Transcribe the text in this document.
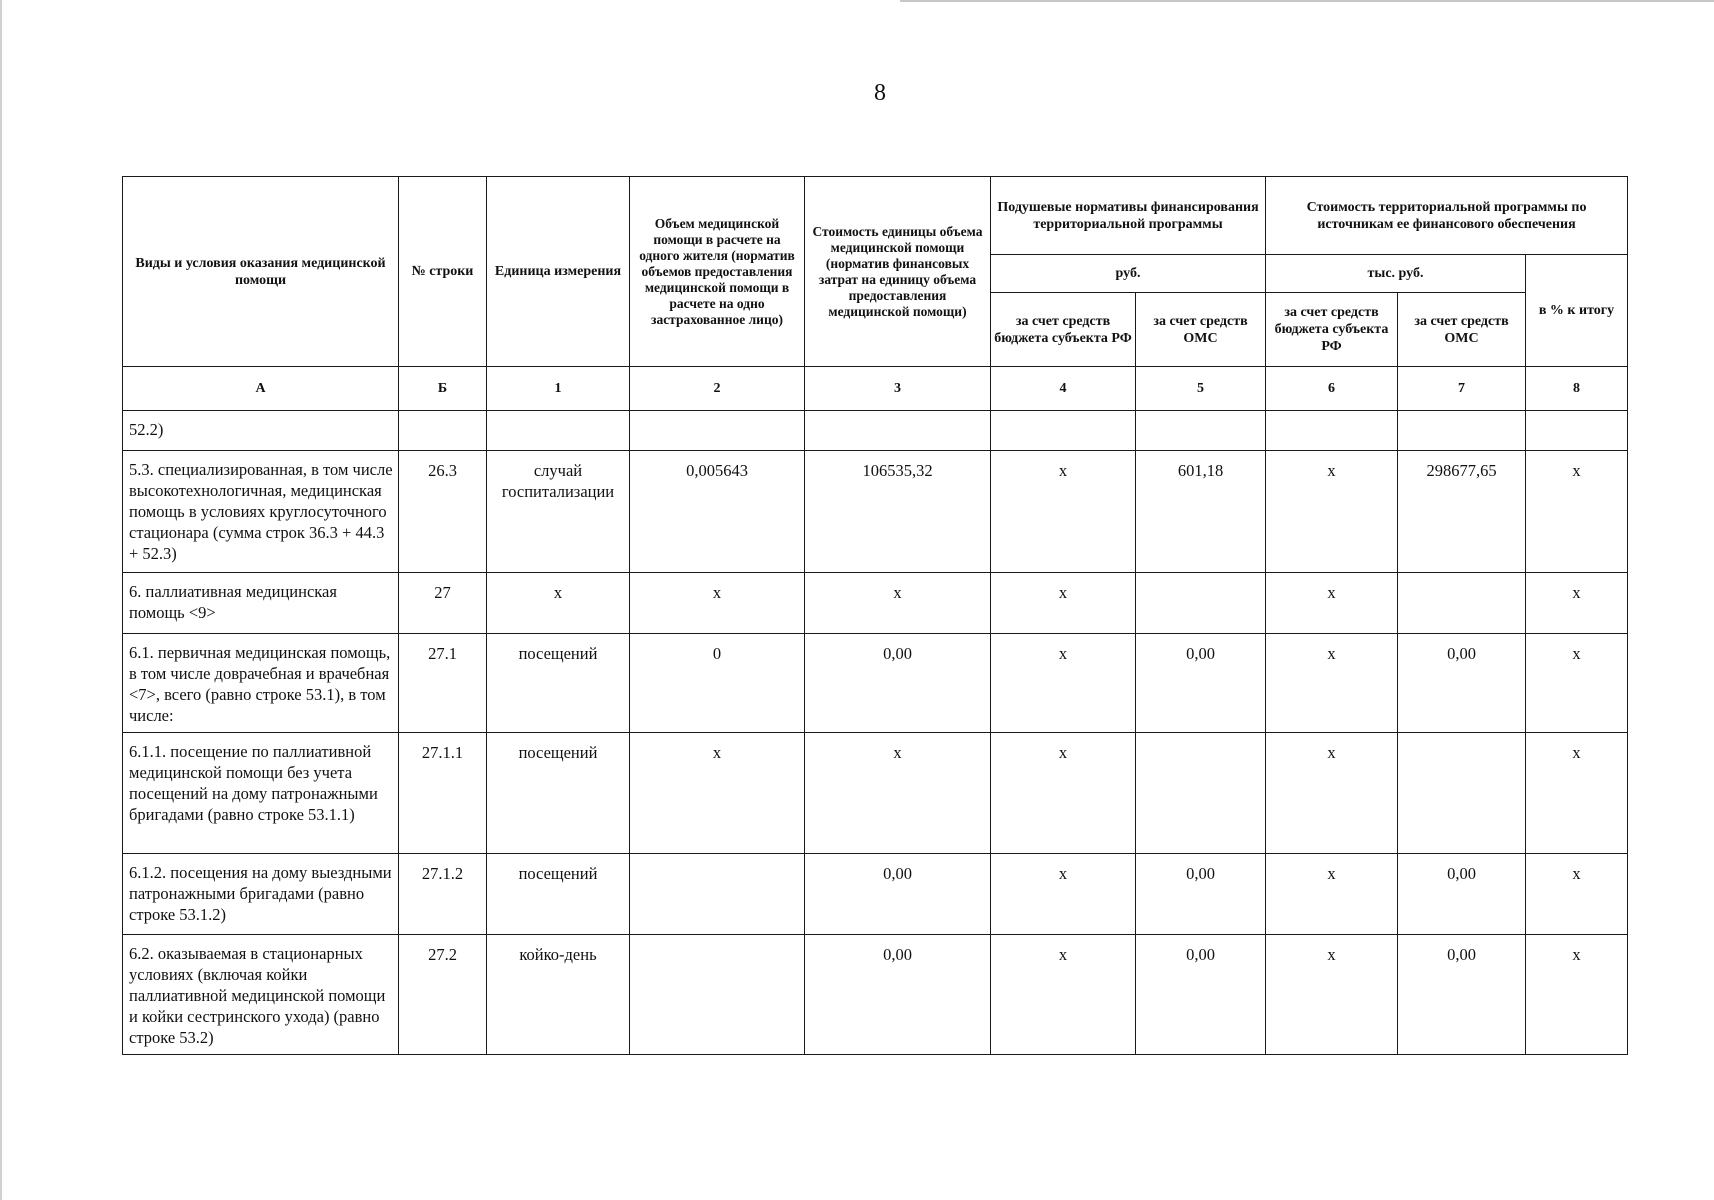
8
Виды и условия оказания медицинской помощи	№ строки	Единица измерения	Объем медицинской помощи в расчете на одного жителя (норматив объемов предоставления медицинской помощи в расчете на одно застрахованное лицо)	Стоимость единицы объема медицинской помощи (норматив финансовых затрат на единицу объема предоставления медицинской помощи)	Подушевые нормативы финансирования территориальной программы		Стоимость территориальной программы по источникам ее финансового обеспечения		
					руб.		тыс. руб.		в % к итогу
					за счет средств бюджета субъекта РФ	за счет средств ОМС	за счет средств бюджета субъекта РФ	за счет средств ОМС	
А	Б	1	2	3	4	5	6	7	8
52.2)									
5.3. специализированная, в том числе высокотехнологичная, медицинская помощь в условиях круглосуточного стационара (сумма строк 36.3 + 44.3 + 52.3)	26.3	случай госпитализации	0,005643	106535,32	х	601,18	х	298677,65	х
6. паллиативная медицинская помощь <9>	27	х	х	х	х		х		х
6.1. первичная медицинская помощь, в том числе доврачебная и врачебная <7>, всего (равно строке 53.1), в том числе:	27.1	посещений	0	0,00	х	0,00	х	0,00	х
6.1.1. посещение по паллиативной медицинской помощи без учета посещений на дому патронажными бригадами (равно строке 53.1.1)	27.1.1	посещений	х	х	х		х		х
6.1.2. посещения на дому выездными патронажными бригадами (равно строке 53.1.2)	27.1.2	посещений		0,00	х	0,00	х	0,00	х
6.2. оказываемая в стационарных условиях (включая койки паллиативной медицинской помощи и койки сестринского ухода) (равно строке 53.2)	27.2	койко-день		0,00	х	0,00	х	0,00	х
